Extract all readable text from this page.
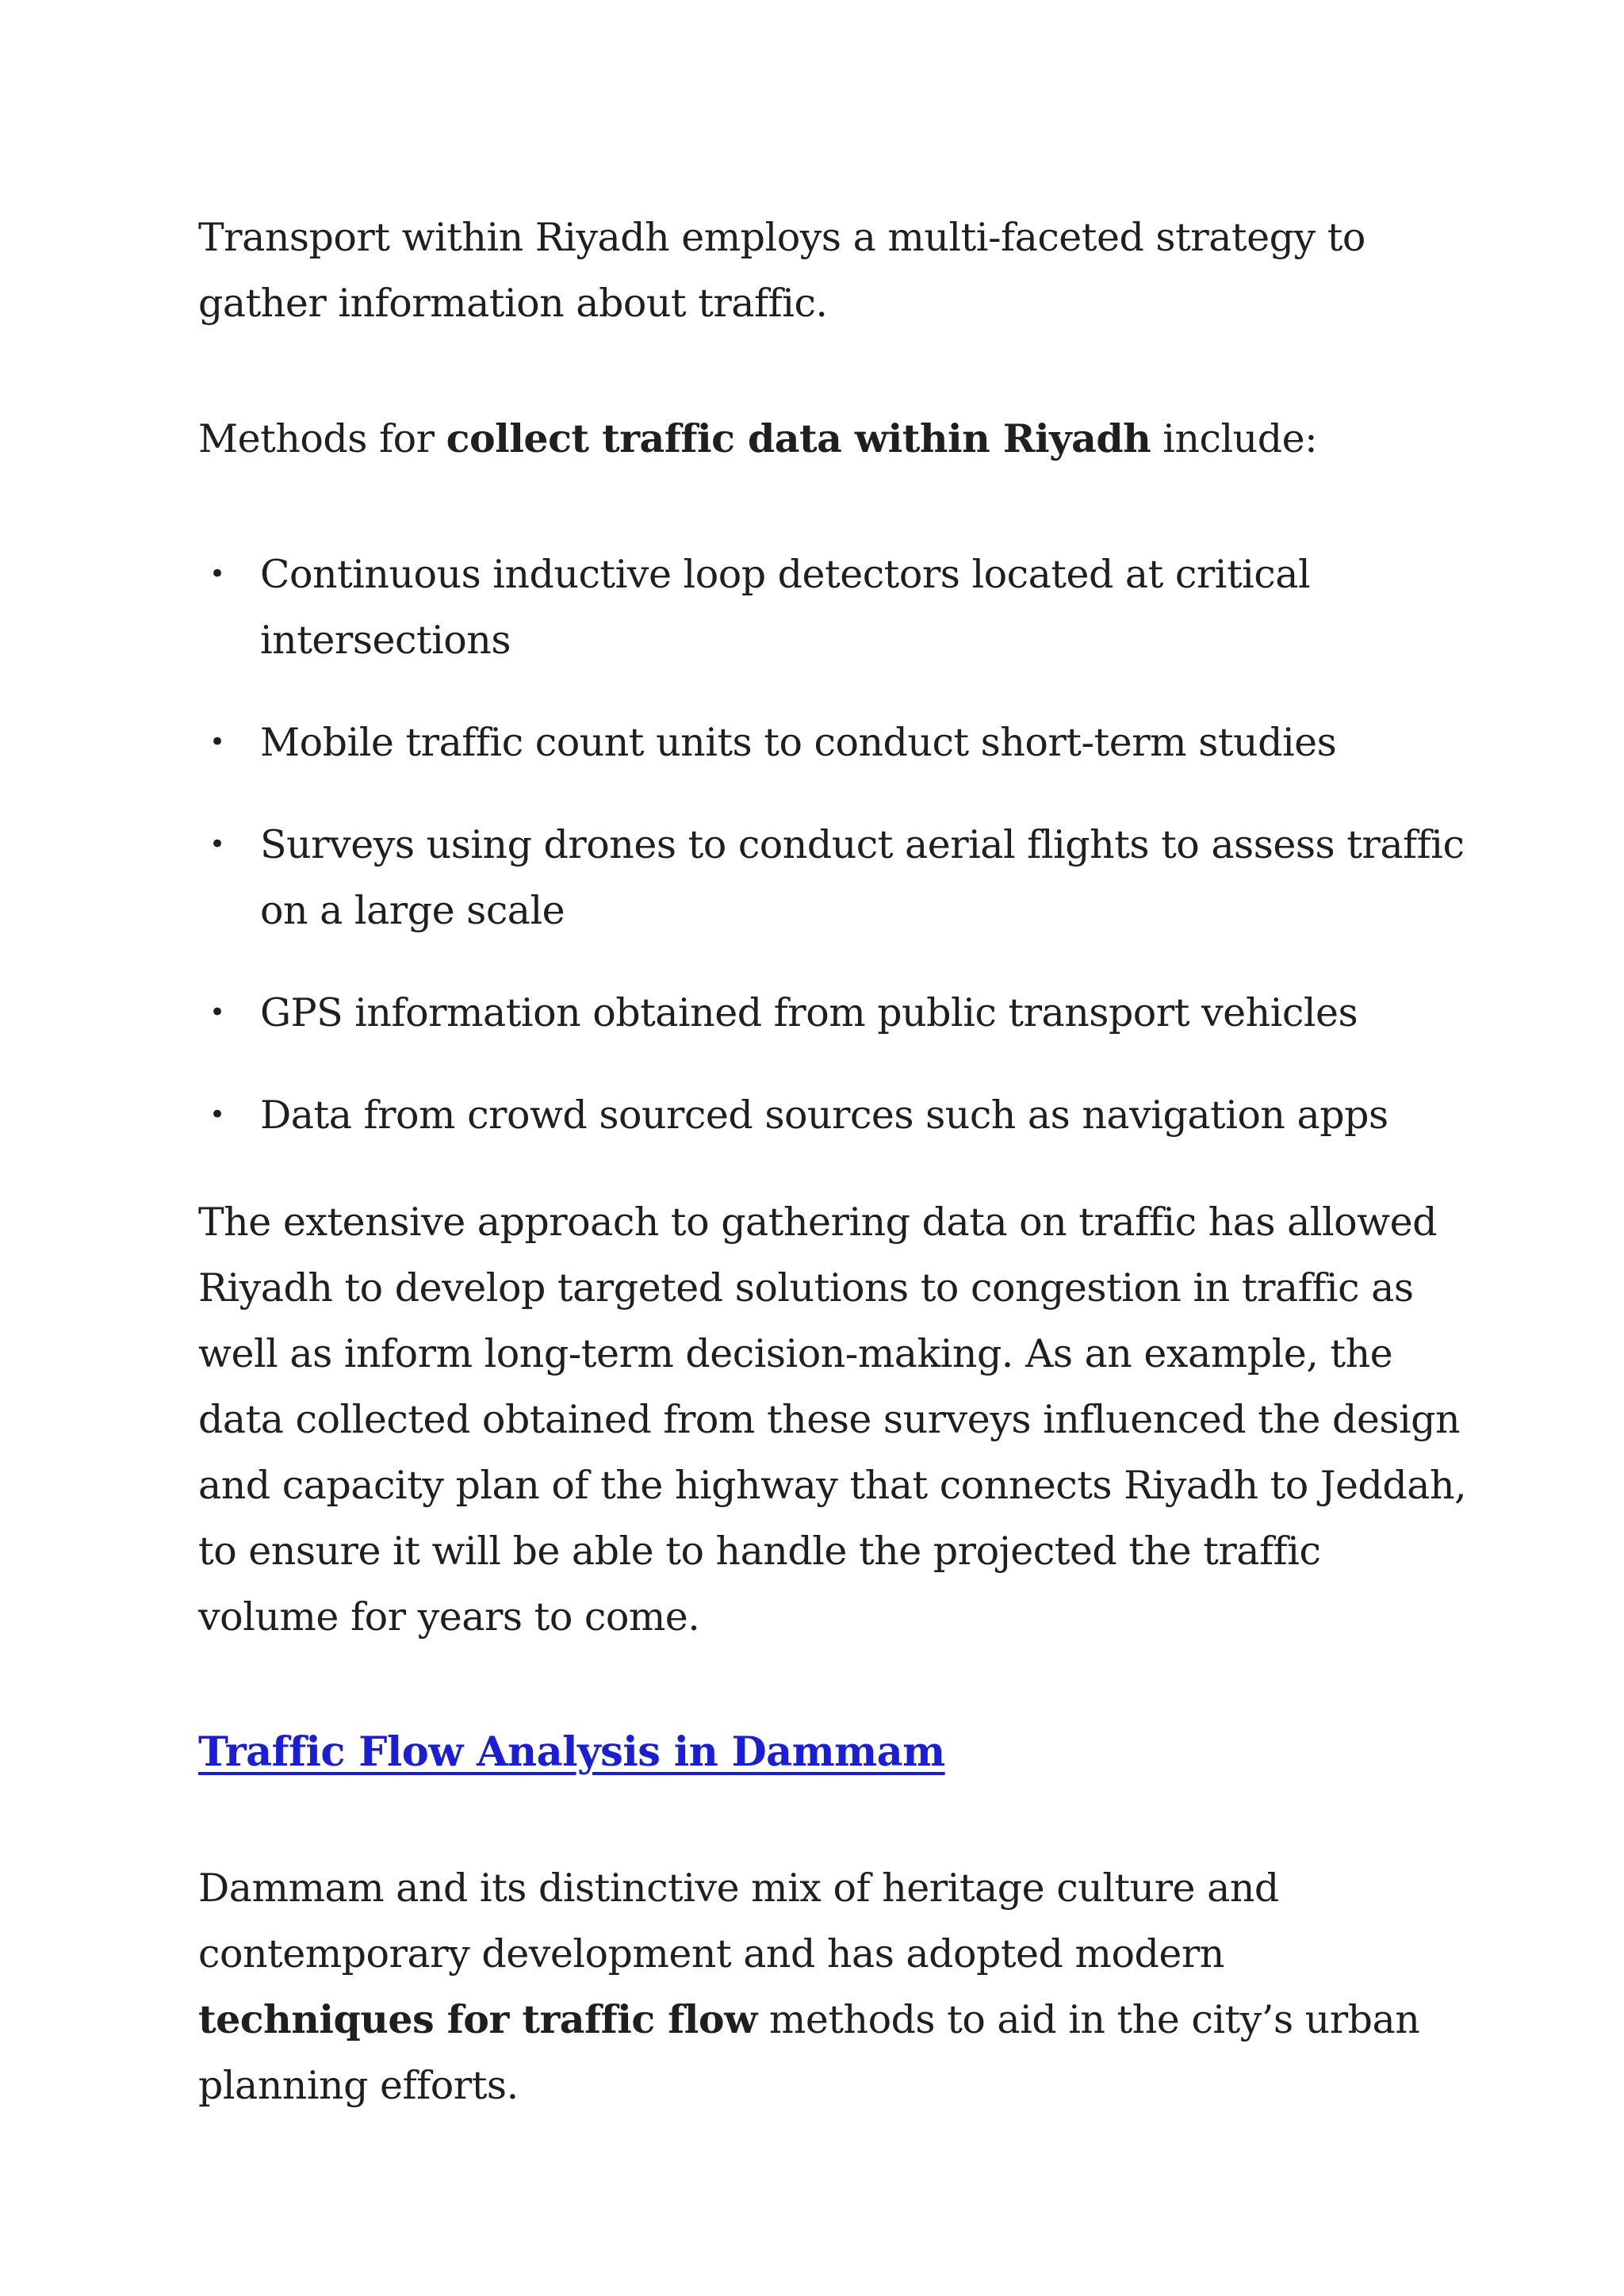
Transport within Riyadh employs a multi-faceted strategy to gather information about traffic.

Methods for collect traffic data within Riyadh include:

• Continuous inductive loop detectors located at critical intersections
• Mobile traffic count units to conduct short-term studies
• Surveys using drones to conduct aerial flights to assess traffic on a large scale
• GPS information obtained from public transport vehicles
• Data from crowd sourced sources such as navigation apps

The extensive approach to gathering data on traffic has allowed Riyadh to develop targeted solutions to congestion in traffic as well as inform long-term decision-making. As an example, the data collected obtained from these surveys influenced the design and capacity plan of the highway that connects Riyadh to Jeddah, to ensure it will be able to handle the projected the traffic volume for years to come.

Traffic Flow Analysis in Dammam

Dammam and its distinctive mix of heritage culture and contemporary development and has adopted modern techniques for traffic flow methods to aid in the city’s urban planning efforts.
